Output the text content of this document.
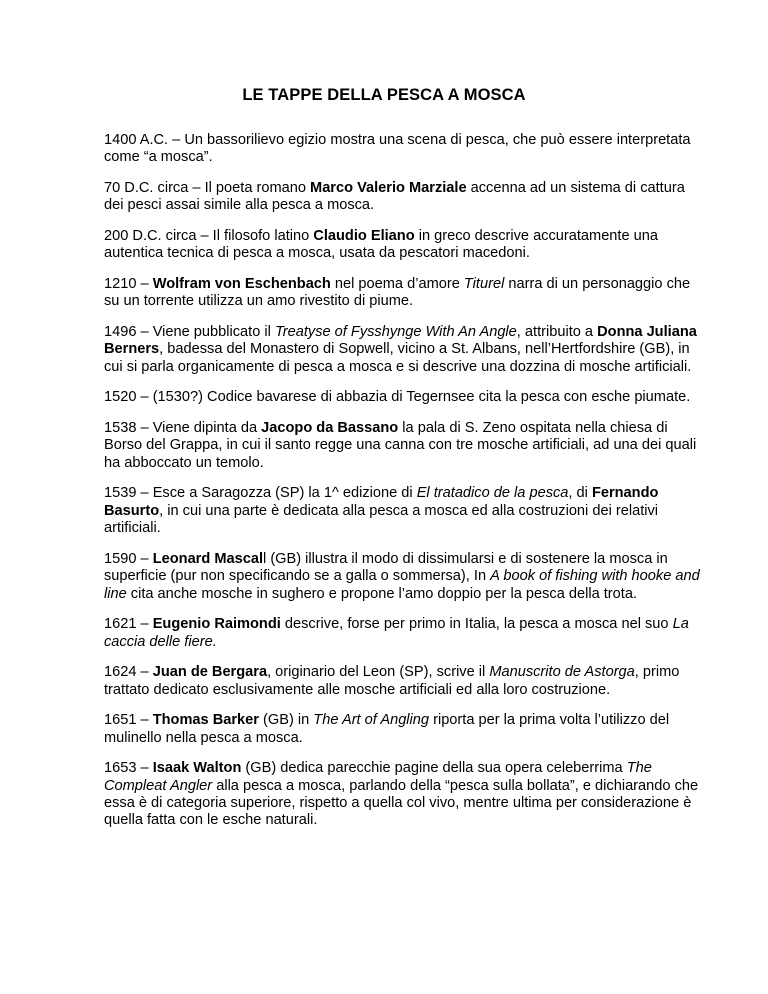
LE TAPPE DELLA PESCA A MOSCA

1400 A.C. – Un bassorilievo egizio mostra una scena di pesca, che può essere interpretata come “a mosca”.

70 D.C. circa – Il poeta romano Marco Valerio Marziale accenna ad un sistema di cattura dei pesci assai simile alla pesca a mosca.

200 D.C. circa – Il filosofo latino Claudio Eliano in greco descrive accuratamente una autentica tecnica di pesca a mosca, usata da pescatori macedoni.

1210 – Wolfram von Eschenbach nel poema d’amore Titurel narra di un personaggio che su un torrente utilizza un amo rivestito di piume.

1496 – Viene pubblicato il Treatyse of Fysshynge With An Angle, attribuito a Donna Juliana Berners, badessa del Monastero di Sopwell, vicino a St. Albans, nell’Hertfordshire (GB), in cui si parla organicamente di pesca a mosca e si descrive una dozzina di mosche artificiali.

1520 – (1530?) Codice bavarese di abbazia di Tegernsee cita la pesca con esche piumate.

1538 – Viene dipinta da Jacopo da Bassano la pala di S. Zeno ospitata nella chiesa di Borso del Grappa, in cui il santo regge una canna con tre mosche artificiali, ad una dei quali ha abboccato un temolo.

1539 – Esce a Saragozza (SP) la 1^ edizione di El tratadico de la pesca, di Fernando Basurto, in cui una parte è dedicata alla pesca a mosca ed alla costruzioni dei relativi artificiali.

1590 – Leonard Mascall (GB) illustra il modo di dissimularsi e di sostenere la mosca in superficie (pur non specificando se a galla o sommersa), In A book of fishing with hooke and line cita anche mosche in sughero e propone l’amo doppio per la pesca della trota.

1621 – Eugenio Raimondi descrive, forse per primo in Italia, la pesca a mosca nel suo La caccia delle fiere.

1624 – Juan de Bergara, originario del Leon (SP), scrive il Manuscrito de Astorga, primo trattato dedicato esclusivamente alle mosche artificiali ed alla loro costruzione.

1651 – Thomas Barker (GB) in The Art of Angling riporta per la prima volta l’utilizzo del mulinello nella pesca a mosca.

1653 – Isaak Walton (GB) dedica parecchie pagine della sua opera celeberrima The Compleat Angler alla pesca a mosca, parlando della “pesca sulla bollata”, e dichiarando che essa è di categoria superiore, rispetto a quella col vivo, mentre ultima per considerazione è quella fatta con le esche naturali.
